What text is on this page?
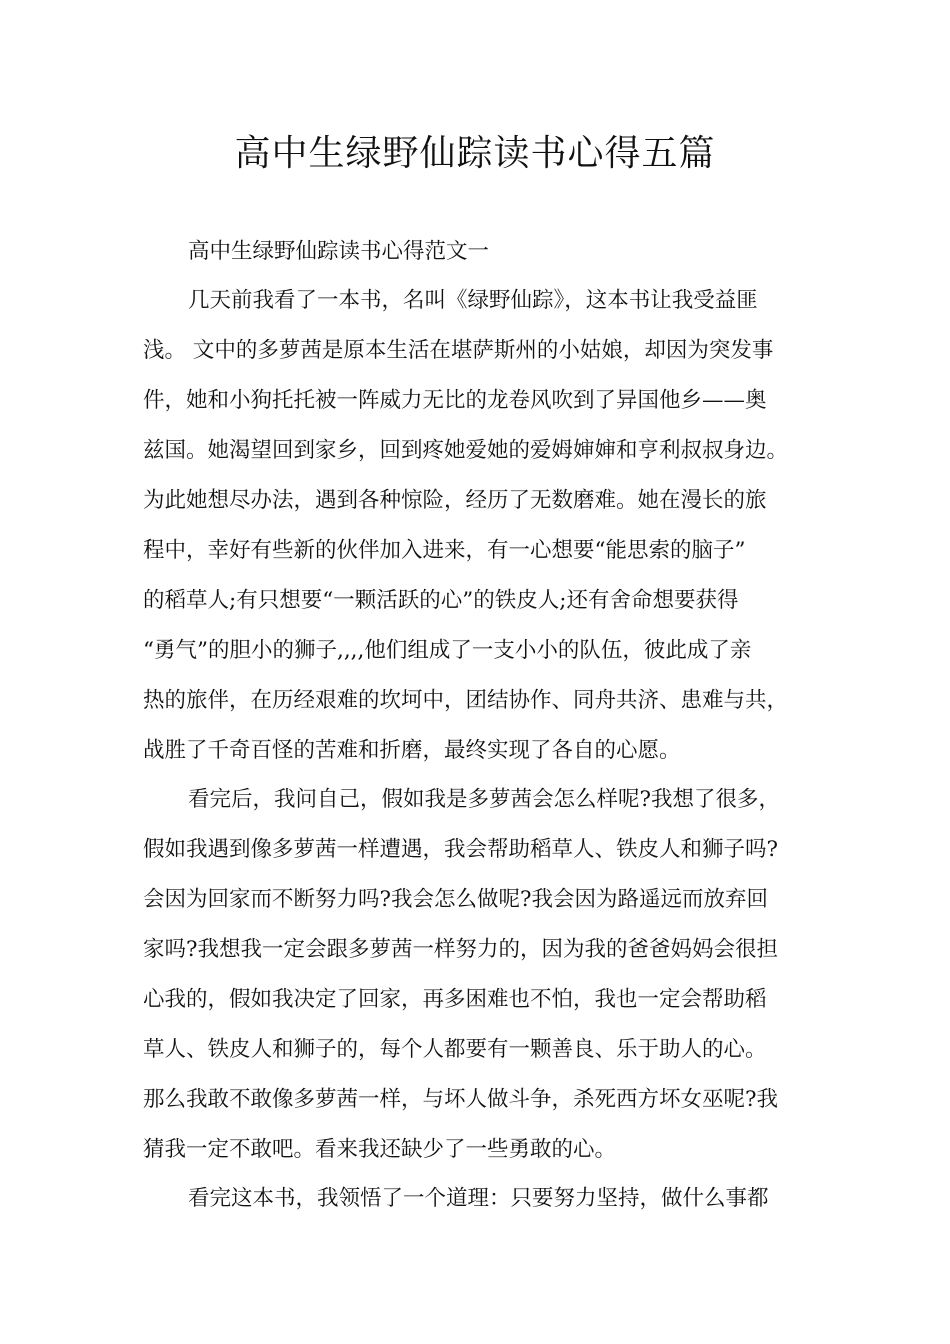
高中生绿野仙踪读书心得五篇

高中生绿野仙踪读书心得范文一

几天前我看了一本书，名叫《绿野仙踪》，这本书让我受益匪

浅。 文中的多萝茜是原本生活在堪萨斯州的小姑娘，却因为突发事

件，她和小狗托托被一阵威力无比的龙卷风吹到了异国他乡——奥

兹国。她渴望回到家乡，回到疼她爱她的爱姆婶婶和亨利叔叔身边。

为此她想尽办法，遇到各种惊险，经历了无数磨难。她在漫长的旅

程中，幸好有些新的伙伴加入进来，有一心想要“能思索的脑子”

的稻草人;有只想要“一颗活跃的心”的铁皮人;还有舍命想要获得

“勇气”的胆小的狮子,,,,他们组成了一支小小的队伍，彼此成了亲

热的旅伴，在历经艰难的坎坷中，团结协作、同舟共济、患难与共，

战胜了千奇百怪的苦难和折磨，最终实现了各自的心愿。

看完后，我问自己，假如我是多萝茜会怎么样呢?我想了很多，

假如我遇到像多萝茜一样遭遇，我会帮助稻草人、铁皮人和狮子吗?

会因为回家而不断努力吗?我会怎么做呢?我会因为路遥远而放弃回

家吗?我想我一定会跟多萝茜一样努力的，因为我的爸爸妈妈会很担

心我的，假如我决定了回家，再多困难也不怕，我也一定会帮助稻

草人、铁皮人和狮子的，每个人都要有一颗善良、乐于助人的心。

那么我敢不敢像多萝茜一样，与坏人做斗争，杀死西方坏女巫呢?我

猜我一定不敢吧。看来我还缺少了一些勇敢的心。

看完这本书，我领悟了一个道理：只要努力坚持，做什么事都
